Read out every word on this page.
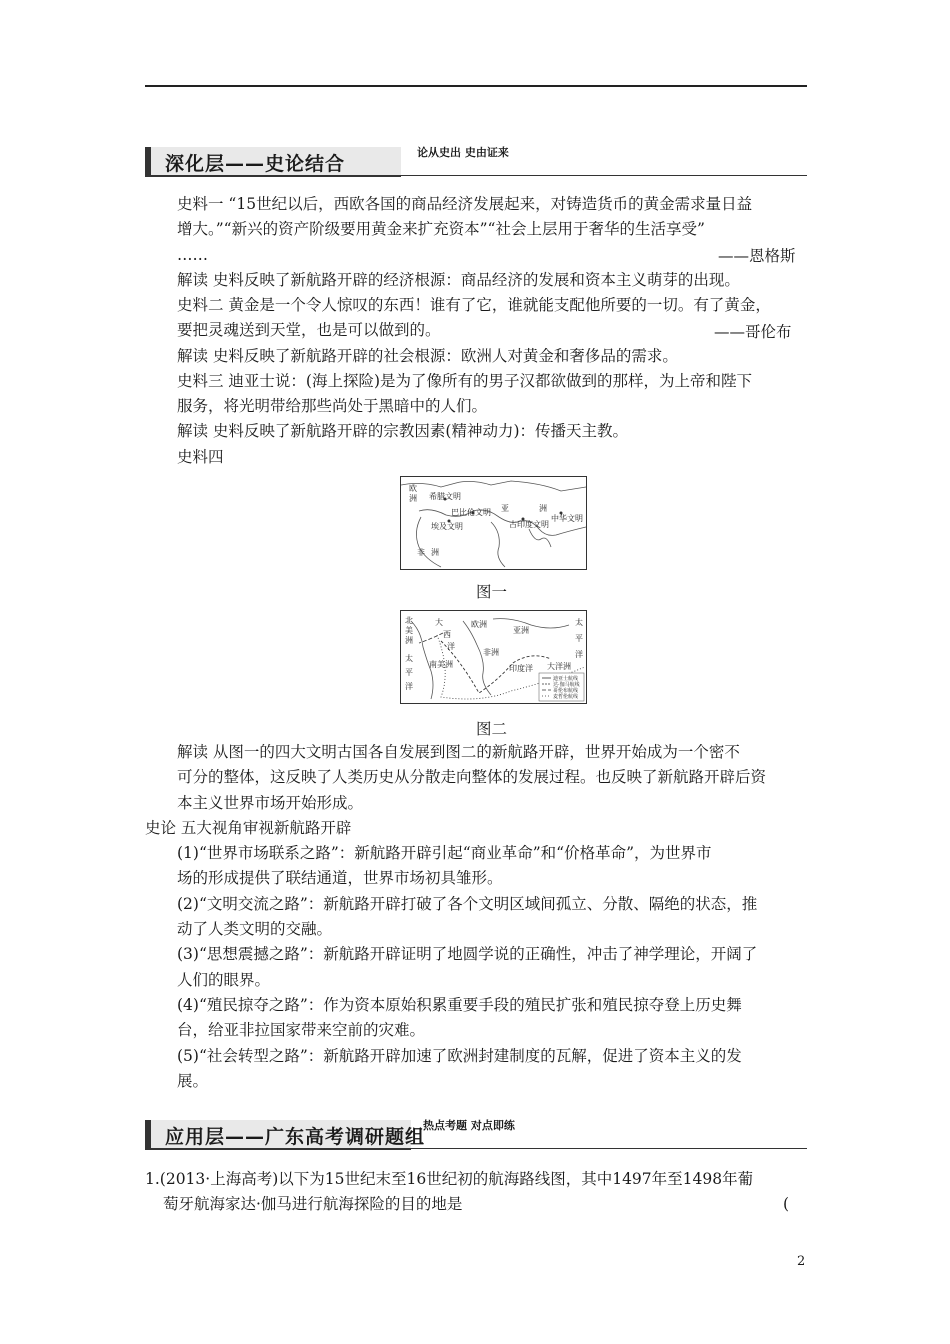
深化层——史论结合
论从史出 史由证来
史料一 “15世纪以后，西欧各国的商品经济发展起来，对铸造货币的黄金需求量日益
增大。”“新兴的资产阶级要用黄金来扩充资本”“社会上层用于奢华的生活享受”
……	——恩格斯
解读 史料反映了新航路开辟的经济根源：商品经济的发展和资本主义萌芽的出现。
史料二 黄金是一个令人惊叹的东西！谁有了它，谁就能支配他所要的一切。有了黄金，
要把灵魂送到天堂，也是可以做到的。	——哥伦布
解读 史料反映了新航路开辟的社会根源：欧洲人对黄金和奢侈品的需求。
史料三 迪亚士说：(海上探险)是为了像所有的男子汉都欲做到的那样，为上帝和陛下
服务，将光明带给那些尚处于黑暗中的人们。
解读 史料反映了新航路开辟的宗教因素(精神动力)：传播天主教。
史料四
欧
洲 希腊文明
亚	洲
巴比伦文明
古印度文明
中华文明
埃及文明
非 洲
图一
迪亚士航线
达·伽马航线
哥伦布航线
麦哲伦航线
北
美
洲
大
西
洋
欧洲
亚洲
非洲
南美洲
太
平
洋
印度洋
太
平
洋
大洋洲
图二
解读 从图一的四大文明古国各自发展到图二的新航路开辟，世界开始成为一个密不
可分的整体，这反映了人类历史从分散走向整体的发展过程。也反映了新航路开辟后资
本主义世界市场开始形成。
史论 五大视角审视新航路开辟
(1)“世界市场联系之路”：新航路开辟引起“商业革命”和“价格革命”，为世界市
场的形成提供了联结通道，世界市场初具雏形。
(2)“文明交流之路”：新航路开辟打破了各个文明区域间孤立、分散、隔绝的状态，推
动了人类文明的交融。
(3)“思想震撼之路”：新航路开辟证明了地圆学说的正确性，冲击了神学理论，开阔了
人们的眼界。
(4)“殖民掠夺之路”：作为资本原始积累重要手段的殖民扩张和殖民掠夺登上历史舞
台，给亚非拉国家带来空前的灾难。
(5)“社会转型之路”：新航路开辟加速了欧洲封建制度的瓦解，促进了资本主义的发
展。
应用层——广东高考调研题组
热点考题 对点即练
1.(2013·上海高考)以下为15世纪末至16世纪初的航海路线图，其中1497年至1498年葡
萄牙航海家达·伽马进行航海探险的目的地是	(
2
